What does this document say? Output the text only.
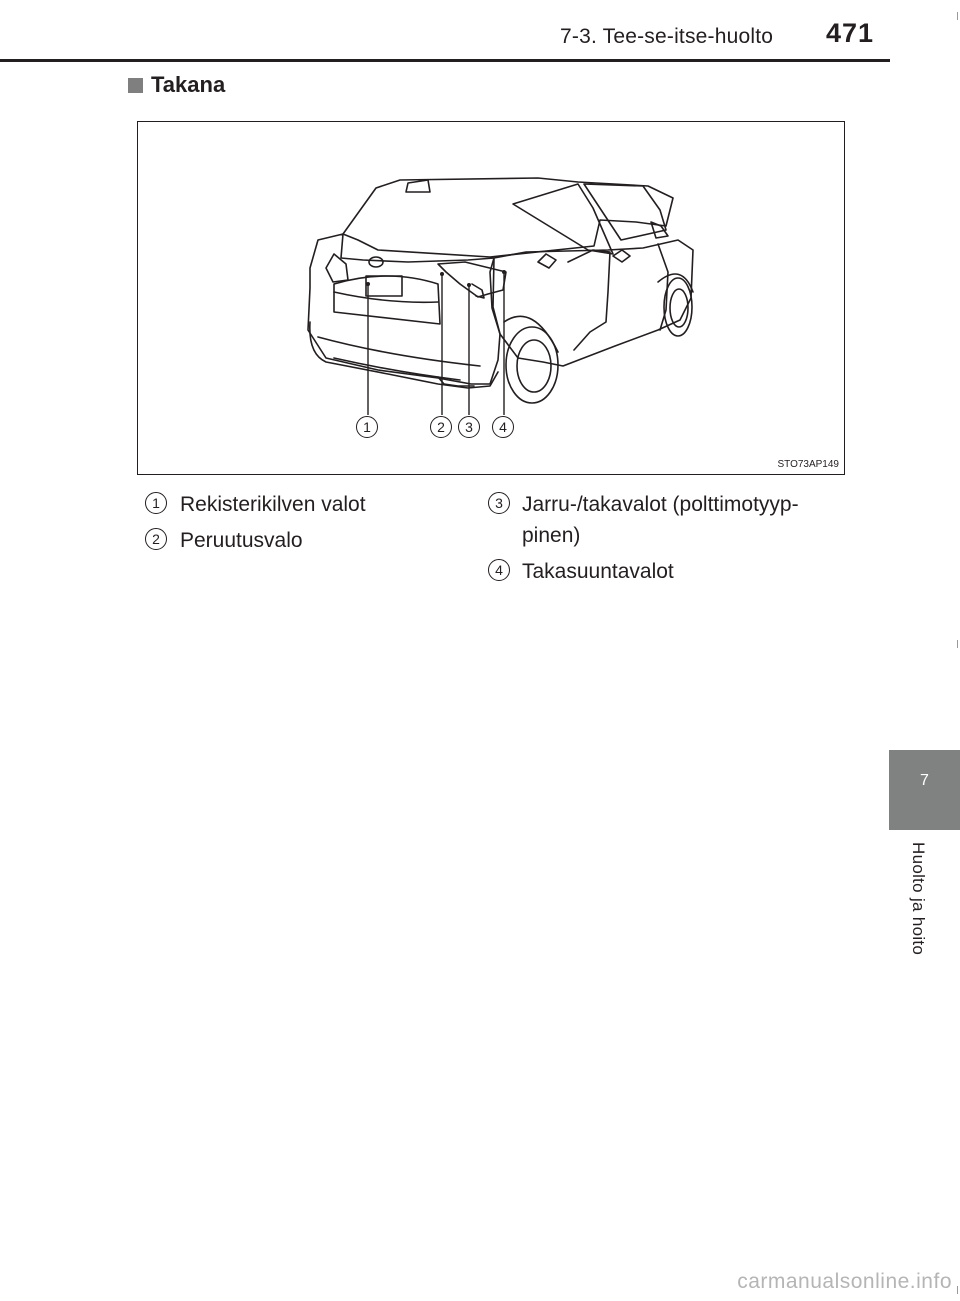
7-3. Tee-se-itse-huolto 471
Takana
1	2	3	4
STO73AP149
1 Rekisterikilven valot
2 Peruutusvalo
3 Jarru-/takavalot (polttimotyyp-
pinen)
4 Takasuuntavalot
7
Huolto ja hoito
carmanualsonline.info
